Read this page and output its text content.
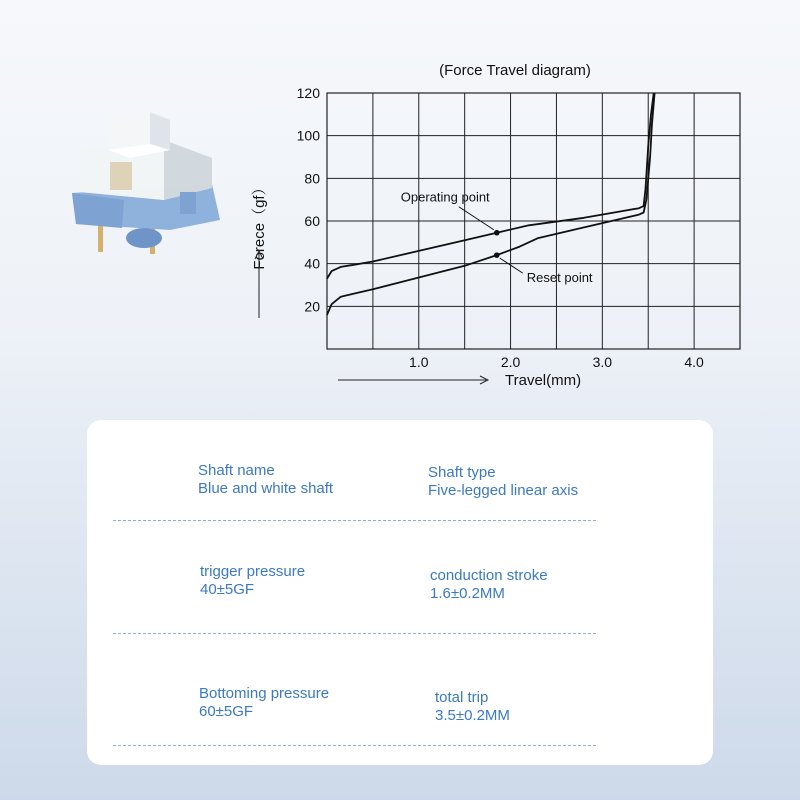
(Force Travel diagram)
20
40
60
80
100
120
1.0	2.0	3.0	4.0
Operating point
Reset point
Forece（gf）
Travel(mm)
Shaft name
Blue and white shaft
Shaft type
Five-legged linear axis
trigger pressure
40±5GF
conduction stroke
1.6±0.2MM
Bottoming pressure
60±5GF
total trip
3.5±0.2MM
